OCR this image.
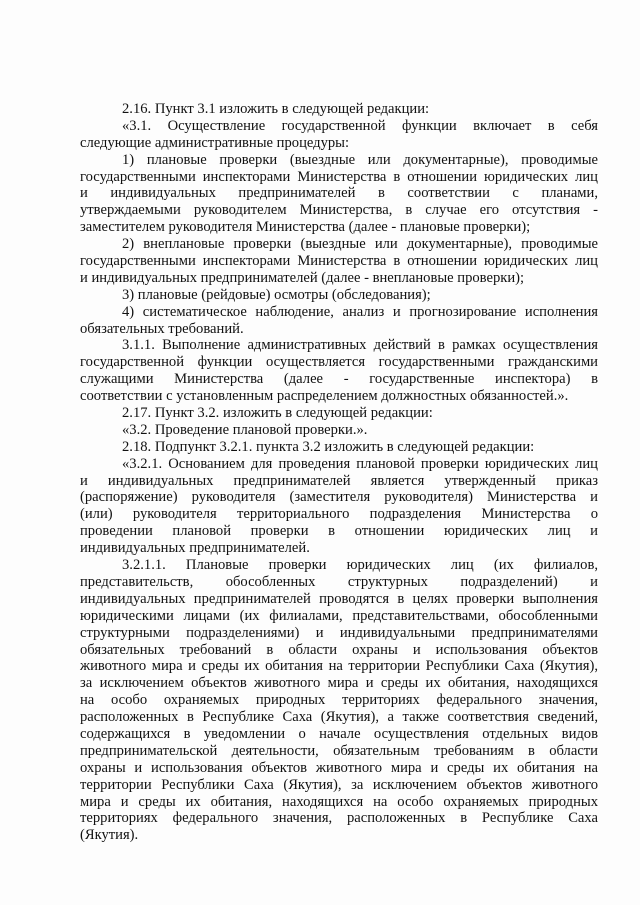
2.16. Пункт 3.1 изложить в следующей редакции:
«3.1. Осуществление государственной функции включает в себя
следующие административные процедуры:
1) плановые проверки (выездные или документарные), проводимые
государственными инспекторами Министерства в отношении юридических лиц
и индивидуальных предпринимателей в соответствии с планами,
утверждаемыми руководителем Министерства, в случае его отсутствия -
заместителем руководителя Министерства (далее - плановые проверки);
2) внеплановые проверки (выездные или документарные), проводимые
государственными инспекторами Министерства в отношении юридических лиц
и индивидуальных предпринимателей (далее - внеплановые проверки);
3) плановые (рейдовые) осмотры (обследования);
4) систематическое наблюдение, анализ и прогнозирование исполнения
обязательных требований.
3.1.1. Выполнение административных действий в рамках осуществления
государственной функции осуществляется государственными гражданскими
служащими Министерства (далее - государственные инспектора) в
соответствии с установленным распределением должностных обязанностей.».
2.17. Пункт 3.2. изложить в следующей редакции:
«3.2. Проведение плановой проверки.».
2.18. Подпункт 3.2.1. пункта 3.2 изложить в следующей редакции:
«3.2.1. Основанием для проведения плановой проверки юридических лиц
и индивидуальных предпринимателей является утвержденный приказ
(распоряжение) руководителя (заместителя руководителя) Министерства и
(или) руководителя территориального подразделения Министерства о
проведении плановой проверки в отношении юридических лиц и
индивидуальных предпринимателей.
3.2.1.1. Плановые проверки юридических лиц (их филиалов,
представительств, обособленных структурных подразделений) и
индивидуальных предпринимателей проводятся в целях проверки выполнения
юридическими лицами (их филиалами, представительствами, обособленными
структурными подразделениями) и индивидуальными предпринимателями
обязательных требований в области охраны и использования объектов
животного мира и среды их обитания на территории Республики Саха (Якутия),
за исключением объектов животного мира и среды их обитания, находящихся
на особо охраняемых природных территориях федерального значения,
расположенных в Республике Саха (Якутия), а также соответствия сведений,
содержащихся в уведомлении о начале осуществления отдельных видов
предпринимательской деятельности, обязательным требованиям в области
охраны и использования объектов животного мира и среды их обитания на
территории Республики Саха (Якутия), за исключением объектов животного
мира и среды их обитания, находящихся на особо охраняемых природных
территориях федерального значения, расположенных в Республике Саха
(Якутия).
